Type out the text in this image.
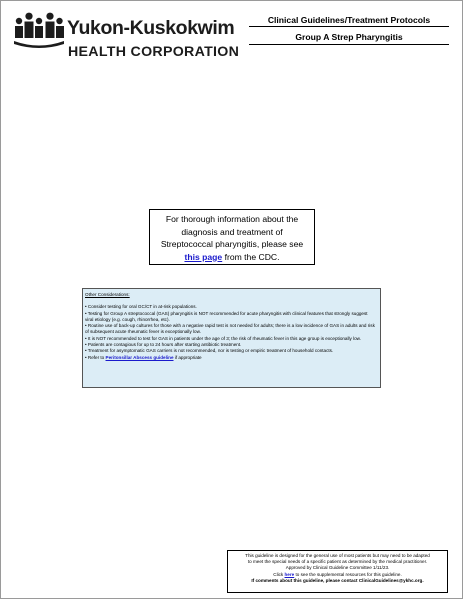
Yukon-Kuskokwim
HEALTH CORPORATION
Clinical Guidelines/Treatment Protocols
Group A Strep Pharyngitis
For thorough information about the
diagnosis and treatment of
Streptococcal pharyngitis, please see
this page from the CDC.
Other Considerations:
• Consider testing for oral GC/CT in at-risk populations.
• Testing for Group A streptococcal (GAS) pharyngitis is NOT recommended for acute pharyngitis with clinical features that strongly suggest viral etiology (e.g. cough, rhinorrhea, etc).
• Routine use of back-up cultures for those with a negative rapid test is not needed for adults; there is a low incidence of GAS in adults and risk of subsequent acute rheumatic fever is exceptionally low.
• It is NOT recommended to test for GAS in patients under the age of 3; the risk of rheumatic fever in this age group is exceptionally low.
• Patients are contagious for up to 24 hours after starting antibiotic treatment.
• Treatment for asymptomatic GAS carriers is not recommended, nor is testing or empiric treatment of household contacts.
• Refer to Peritonsillar Abscess guideline if appropriate
This guideline is designed for the general use of most patients but may need to be adapted
to meet the special needs of a specific patient as determined by the medical practitioner.
Approved by Clinical Guideline Committee 1/11/23.
Click here to see the supplemental resources for this guideline.
If comments about this guideline, please contact ClinicalGuidelines@ykhc.org.
